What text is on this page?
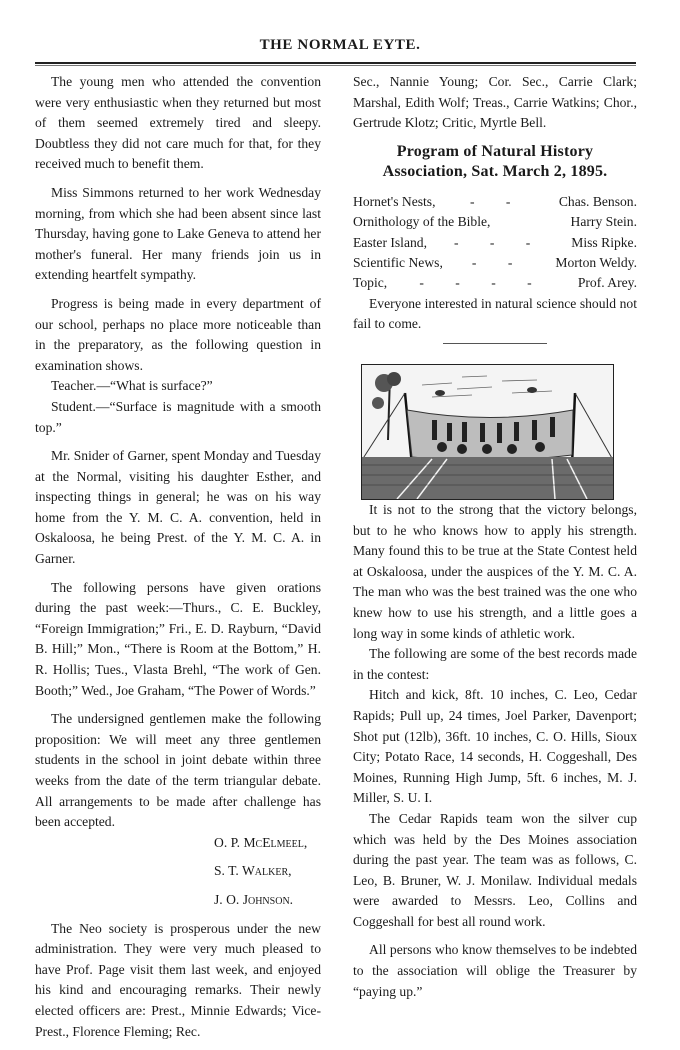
THE NORMAL EYTE.

The young men who attended the convention were very enthusiastic when they returned but most of them seemed extremely tired and sleepy. Doubtless they did not care much for that, for they received much to benefit them.

Miss Simmons returned to her work Wednesday morning, from which she had been absent since last Thursday, having gone to Lake Geneva to attend her mother's funeral. Her many friends join us in extending heartfelt sympathy.

Progress is being made in every department of our school, perhaps no place more noticeable than in the preparatory, as the following question in examination shows.

Teacher.—“What is surface?”

Student.—“Surface is magnitude with a smooth top.”

Mr. Snider of Garner, spent Monday and Tuesday at the Normal, visiting his daughter Esther, and inspecting things in general; he was on his way home from the Y. M. C. A. convention, held in Oskaloosa, he being Prest. of the Y. M. C. A. in Garner.

The following persons have given orations during the past week:—Thurs., C. E. Buckley, “Foreign Immigration;” Fri., E. D. Rayburn, “David B. Hill;” Mon., “There is Room at the Bottom,” H. R. Hollis; Tues., Vlasta Brehl, “The work of Gen. Booth;” Wed., Joe Graham, “The Power of Words.”

The undersigned gentlemen make the following proposition: We will meet any three gentlemen students in the school in joint debate within three weeks from the date of the term triangular debate. All arrangements to be made after challenge has been accepted.

O. P. McElmeel,

S. T. Walker,

J. O. Johnson.

The Neo society is prosperous under the new administration. They were very much pleased to have Prof. Page visit them last week, and enjoyed his kind and encouraging remarks. Their newly elected officers are: Prest., Minnie Edwards; Vice-Prest., Florence Fleming; Rec.

Sec., Nannie Young; Cor. Sec., Carrie Clark; Marshal, Edith Wolf; Treas., Carrie Watkins; Chor., Gertrude Klotz; Critic, Myrtle Bell.

Program of Natural History Association, Sat. March 2, 1895.
Hornet's Nests,	- -	Chas. Benson.
Ornithology of the Bible,	Harry Stein.
Easter Island,	- - -	Miss Ripke.
Scientific News,	- -	Morton Weldy.
Topic,	- - - -	Prof. Arey.

Everyone interested in natural science should not fail to come.

It is not to the strong that the victory belongs, but to he who knows how to apply his strength. Many found this to be true at the State Contest held at Oskaloosa, under the auspices of the Y. M. C. A. The man who was the best trained was the one who knew how to use his strength, and a little goes a long way in some kinds of athletic work.

The following are some of the best records made in the contest:

Hitch and kick, 8ft. 10 inches, C. Leo, Cedar Rapids; Pull up, 24 times, Joel Parker, Davenport; Shot put (12lb), 36ft. 10 inches, C. O. Hills, Sioux City; Potato Race, 14 seconds, H. Coggeshall, Des Moines, Running High Jump, 5ft. 6 inches, M. J. Miller, S. U. I.

The Cedar Rapids team won the silver cup which was held by the Des Moines association during the past year. The team was as follows, C. Leo, B. Bruner, W. J. Monilaw. Individual medals were awarded to Messrs. Leo, Collins and Coggeshall for best all round work.

All persons who know themselves to be indebted to the association will oblige the Treasurer by “paying up.”
